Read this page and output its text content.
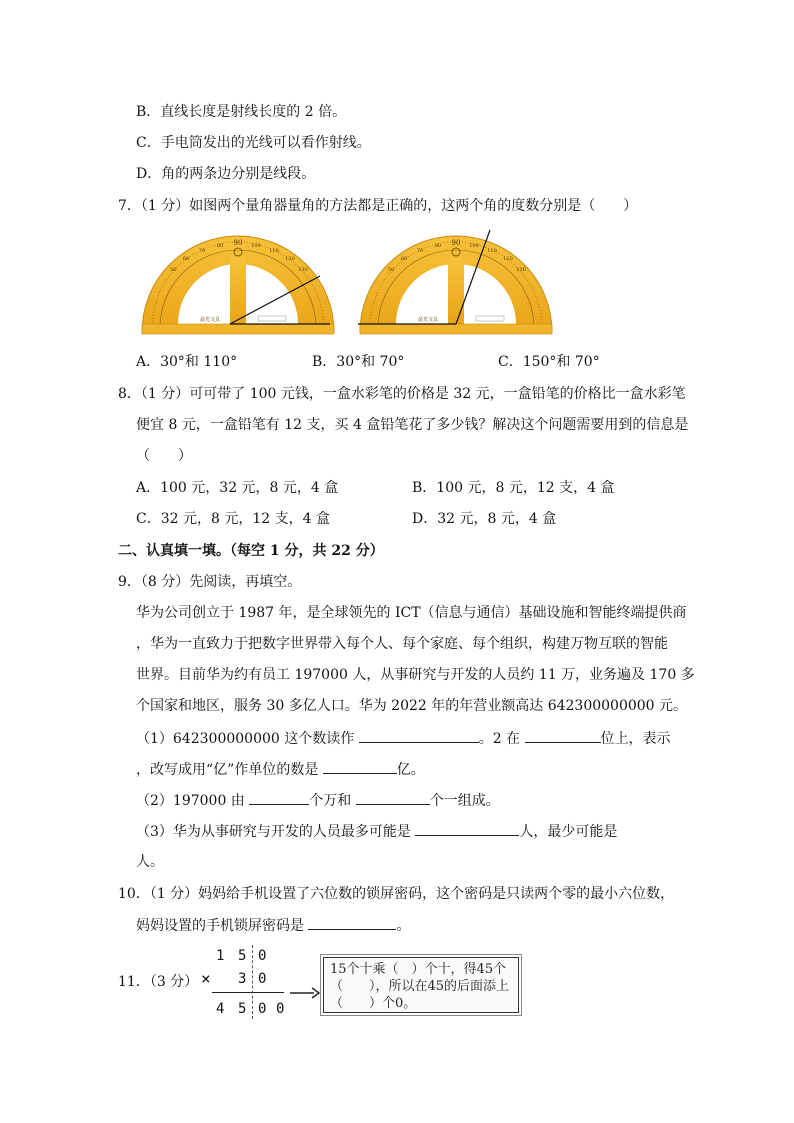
B．直线长度是射线长度的 2 倍。
C．手电筒发出的光线可以看作射线。
D．角的两条边分别是线段。
7．（1 分）如图两个量角器量角的方法都是正确的，这两个角的度数分别是（　　）
90
80	100
70	110
60	120
50	130
晨光文具
90
80	100
70	110
60	120
50	130
晨光文具
A．30°和 110°	B．30°和 70°	C．150°和 70°
8．（1 分）可可带了 100 元钱，一盒水彩笔的价格是 32 元，一盒铅笔的价格比一盒水彩笔
便宜 8 元，一盒铅笔有 12 支，买 4 盒铅笔花了多少钱？解决这个问题需要用到的信息是
（　　）
A．100 元，32 元，8 元，4 盒	B．100 元，8 元，12 支，4 盒
C．32 元，8 元，12 支，4 盒	D．32 元，8 元，4 盒
二、认真填一填。（每空 1 分，共 22 分）
9．（8 分）先阅读，再填空。
华为公司创立于 1987 年，是全球领先的 ICT（信息与通信）基础设施和智能终端提供商
，华为一直致力于把数字世界带入每个人、每个家庭、每个组织，构建万物互联的智能
世界。目前华为约有员工 197000 人，从事研究与开发的人员约 11 万，业务遍及 170 多
个国家和地区，服务 30 多亿人口。华为 2022 年的年营业额高达 642300000000 元。
（1）642300000000 这个数读作	。2 在	位上，表示
，改写成用“亿”作单位的数是	亿。
（2）197000 由	个万和	个一组成。
（3）华为从事研究与开发的人员最多可能是	人，最少可能是
人。
10．（1 分）妈妈给手机设置了六位数的锁屏密码，这个密码是只读两个零的最小六位数，
妈妈设置的手机锁屏密码是	。
11．（3 分）
1 5 0
× 3 0
4 5 0 0
15个十乘（　）个十，得45个
（　　），所以在45的后面添上
（　　）个0。
